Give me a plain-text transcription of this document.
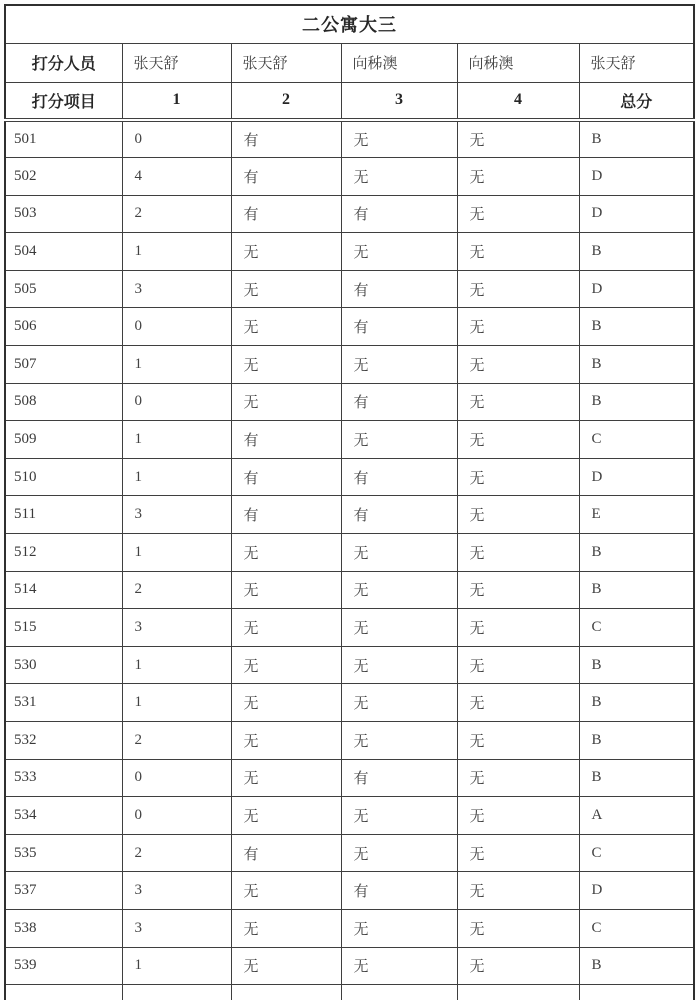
二公寓大三					
打分人员	张天舒	张天舒	向秭澳	向秭澳	张天舒
打分项目	1	2	3	4	总分
501	0	有	无	无	B
502	4	有	无	无	D
503	2	有	有	无	D
504	1	无	无	无	B
505	3	无	有	无	D
506	0	无	有	无	B
507	1	无	无	无	B
508	0	无	有	无	B
509	1	有	无	无	C
510	1	有	有	无	D
511	3	有	有	无	E
512	1	无	无	无	B
514	2	无	无	无	B
515	3	无	无	无	C
530	1	无	无	无	B
531	1	无	无	无	B
532	2	无	无	无	B
533	0	无	有	无	B
534	0	无	无	无	A
535	2	有	无	无	C
537	3	无	有	无	D
538	3	无	无	无	C
539	1	无	无	无	B
